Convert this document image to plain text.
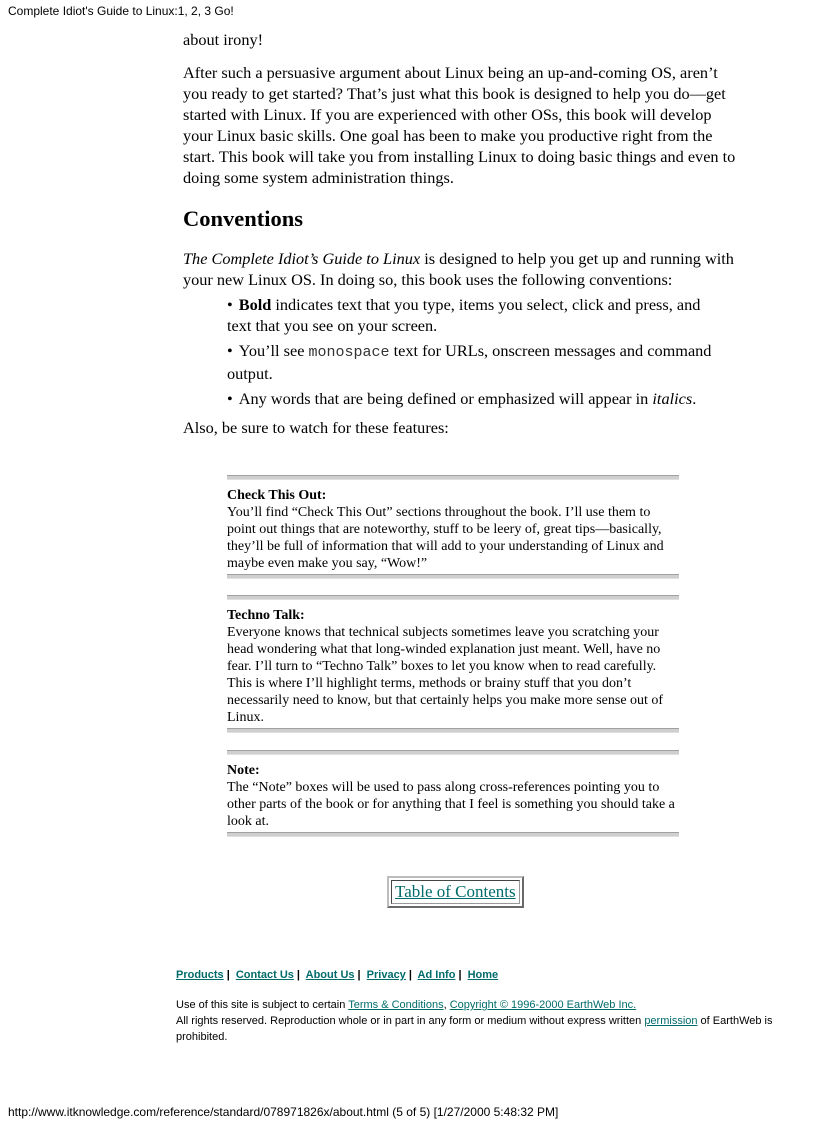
Complete Idiot's Guide to Linux:1, 2, 3 Go!

about irony!

After such a persuasive argument about Linux being an up-and-coming OS, aren’t you ready to get started? That’s just what this book is designed to help you do—get started with Linux. If you are experienced with other OSs, this book will develop your Linux basic skills. One goal has been to make you productive right from the start. This book will take you from installing Linux to doing basic things and even to doing some system administration things.

Conventions

The Complete Idiot’s Guide to Linux is designed to help you get up and running with your new Linux OS. In doing so, this book uses the following conventions:

• Bold indicates text that you type, items you select, click and press, and text that you see on your screen.
• You’ll see monospace text for URLs, onscreen messages and command output.
• Any words that are being defined or emphasized will appear in italics.

Also, be sure to watch for these features:

Check This Out:
You’ll find “Check This Out” sections throughout the book. I’ll use them to point out things that are noteworthy, stuff to be leery of, great tips—basically, they’ll be full of information that will add to your understanding of Linux and maybe even make you say, “Wow!”
Techno Talk:
Everyone knows that technical subjects sometimes leave you scratching your head wondering what that long-winded explanation just meant. Well, have no fear. I’ll turn to “Techno Talk” boxes to let you know when to read carefully. This is where I’ll highlight terms, methods or brainy stuff that you don’t necessarily need to know, but that certainly helps you make more sense out of Linux.
Note:
The “Note” boxes will be used to pass along cross-references pointing you to other parts of the book or for anything that I feel is something you should take a look at.
Table of Contents
Products | Contact Us | About Us | Privacy | Ad Info | Home
Use of this site is subject to certain Terms & Conditions, Copyright © 1996-2000 EarthWeb Inc.
All rights reserved. Reproduction whole or in part in any form or medium without express written permission of EarthWeb is prohibited.
http://www.itknowledge.com/reference/standard/078971826x/about.html (5 of 5) [1/27/2000 5:48:32 PM]
